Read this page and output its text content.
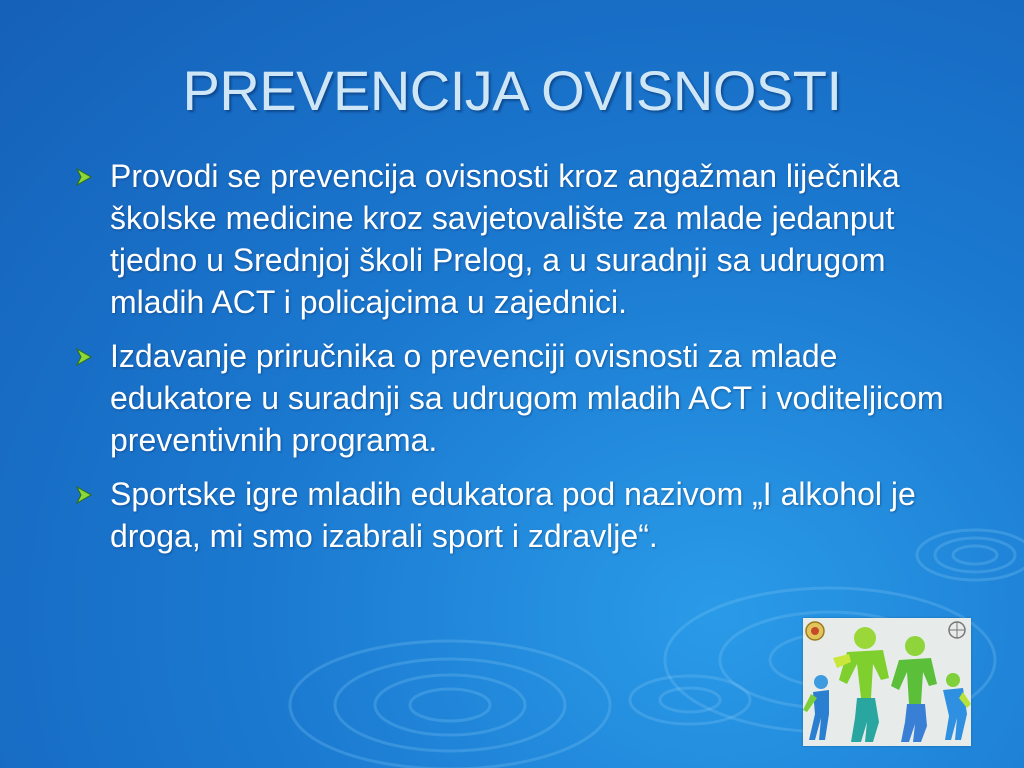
PREVENCIJA OVISNOSTI
Provodi se prevencija ovisnosti kroz angažman liječnika školske medicine kroz savjetovalište za mlade jedanput tjedno u Srednjoj školi Prelog, a u suradnji sa udrugom mladih ACT i policajcima u zajednici.
Izdavanje priručnika o prevenciji ovisnosti za mlade edukatore u suradnji sa udrugom mladih ACT i voditeljicom preventivnih programa.
Sportske igre mladih edukatora pod nazivom „I alkohol je droga, mi smo izabrali sport i zdravlje“.
